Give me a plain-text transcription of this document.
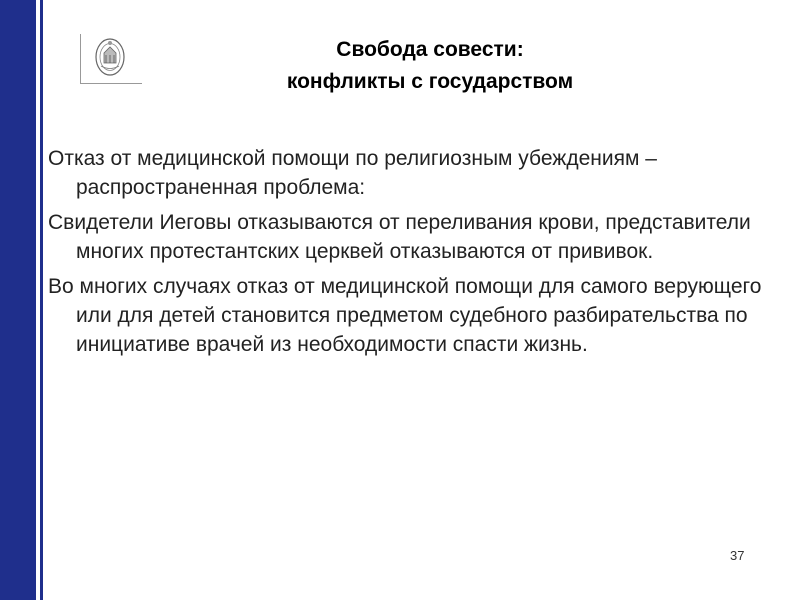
Свобода совести:
конфликты с государством

Отказ от медицинской помощи по религиозным убеждениям – распространенная проблема:

Свидетели Иеговы отказываются от переливания крови, представители многих протестантских церквей отказываются от прививок.

Во многих случаях отказ от медицинской помощи для самого верующего или для детей становится предметом судебного разбирательства по инициативе врачей из необходимости спасти жизнь.

37
